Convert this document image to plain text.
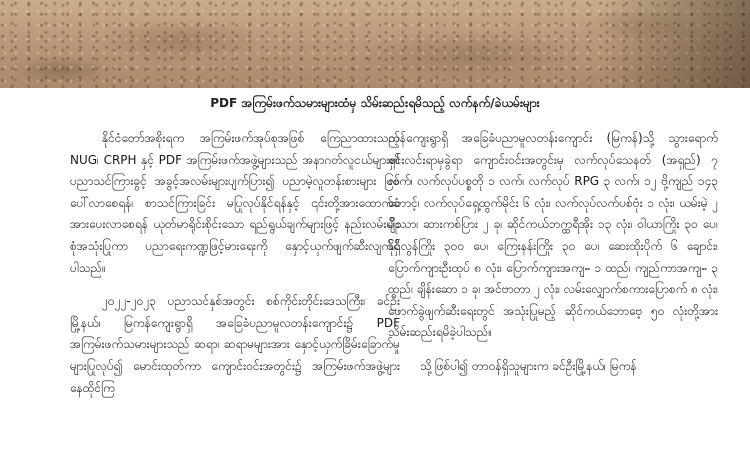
PDF အကြမ်းဖက်သမားများထံမှ သိမ်းဆည်းရမိသည့် လက်နက်/ခဲယမ်းများ

နိုင်ငံတော်အစိုးရက အကြမ်းဖက်အုပ်စုအဖြစ် ကြေညာထားသည့် NUG၊ CRPH နှင့် PDF အကြမ်းဖက်အဖွဲ့များသည် အနာဂတ်လူငယ်များ၏ ပညာသင်ကြားခွင့် အခွင့်အလမ်းများပျက်ပြား၍ ပညာမဲ့လူတန်းစားများ ဖြစ်ပေါ်လာစေရန်၊ စာသင်ကြားခြင်း မပြုလုပ်နိုင်ရန်နှင့် ၎င်းတို့အားထောက်ခံအားပေးလာစေရန် ယုတ်မာရိုင်းစိုင်းသော ရည်ရွယ်ချက်များဖြင့် နည်းလမ်းမျိုးစုံအသုံးပြုကာ ပညာရေးကဏ္ဍဖြင့်မားရေးကို နှောင့်ယှက်ဖျက်ဆီးလျက်ရှိပါသည်။

၂၀၂၂-၂၀၂၃ ပညာသင်နှစ်အတွင်း စစ်ကိုင်းတိုင်းဒေသကြီး၊ ခင်ဦးမြို့နယ်၊ မြကန်ကျေးရွာရှိ အခြေခံပညာမူလတန်းကျောင်း၌ PDF အကြမ်းဖက်သမားများသည် ဆရာ၊ ဆရာမများအား နှောင့်ယှက်ခြိမ်းခြောက်မှုများပြုလုပ်၍ မောင်းထုတ်ကာ ကျောင်းဝင်းအတွင်း၌ အကြမ်းဖက်အဖွဲ့များ နေထိုင်ကြ

ကန်ကျေးရွာရှိ အခြေခံပညာမူလတန်းကျောင်း (မြကန်)သို့ သွားရောက်ရှင်းလင်းရာမှခွဲရာ ကျောင်းဝင်းအတွင်းမှ လက်လုပ်သေနတ် (အရှည်) ၇ လက်၊ လက်လုပ်ပစ္စတို ၁ လက်၊ လက်လုပ် RPG ၃ လက်၊ ၁၂ ဗို့ကျည် ၁၄၃ တောင့်၊ လက်လုပ်ရှေ့ထွက်မိုင်း ၆ လုံး၊ လက်လုပ်လက်ပစ်ဗုံး ၁ လုံး၊ ယမ်းမဲ့ ၂ ပိဿာ၊ ဆားကစ်ပြား ၂ ခု၊ ဆိုင်ကယ်ဘက္ထရီအိုး ၁၃ လုံး၊ ဝါယာကြိုး ၃၀ ပေ၊ နိုင်လွန်ကြိုး ၃၀၀ ပေ၊ ကြေးနန်းကြိုး ၃၀ ပေ၊ ဆေးထိုးပိုက် ၆ ချောင်း၊ ပြောက်ကျားဦးထုပ် ၈ လုံး၊ ပြောက်ကျားအကျႌ ၁ ထည်၊ ကျည်ကာအကျႌ ၃ ထည်၊ ချိန်းဆော ၁ ခု၊ အင်ဗာတာ ၂ လုံး၊ လမ်းလျှောက်စကားပြောစက် ၈ လုံး၊ ဖောက်ခွဲဖျက်ဆီးရေးတွင် အသုံးပြုမည့် ဆိုင်ကယ်ဘောဗေ့ ၅၀ လုံးတို့အား သိမ်းဆည်းရမိခဲ့ပါသည်။

သို့ဖြစ်ပါ၍ တာဝန်ရှိသူများက ခင်ဦးမြို့နယ်၊ မြကန်
